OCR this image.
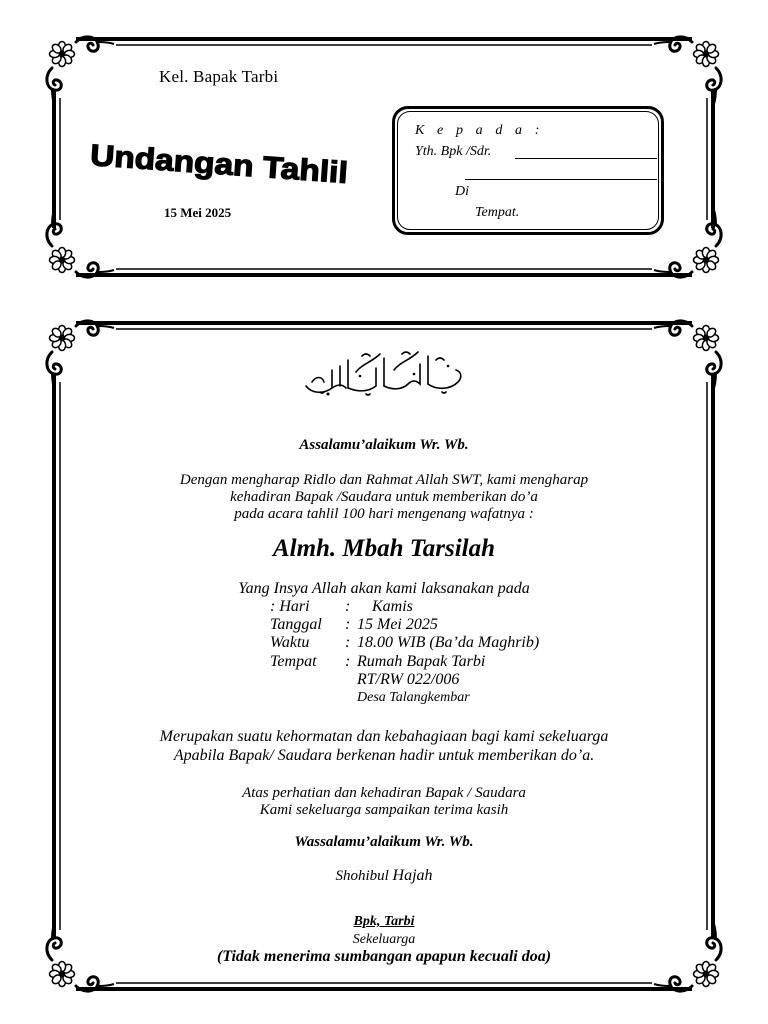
Kel. Bapak Tarbi
Undangan Tahlil
15 Mei 2025
K e p a d a :
Yth. Bpk /Sdr.
Di
Tempat.
Assalamu’alaikum Wr. Wb.
Dengan mengharap Ridlo dan Rahmat Allah SWT, kami mengharap
kehadiran Bapak /Saudara untuk memberikan do’a
pada acara tahlil 100 hari mengenang wafatnya :
Almh. Mbah Tarsilah
Yang Insya Allah akan kami laksanakan pada
: Hari : Kamis
Tanggal : 15 Mei 2025
Waktu : 18.00 WIB (Ba’da Maghrib)
Tempat : Rumah Bapak Tarbi
RT/RW 022/006
Desa Talangkembar
Merupakan suatu kehormatan dan kebahagiaan bagi kami sekeluarga
Apabila Bapak/ Saudara berkenan hadir untuk memberikan do’a.
Atas perhatian dan kehadiran Bapak / Saudara
Kami sekeluarga sampaikan terima kasih
Wassalamu’alaikum Wr. Wb.
Shohibul Hajah
Bpk, Tarbi
Sekeluarga
(Tidak menerima sumbangan apapun kecuali doa)
